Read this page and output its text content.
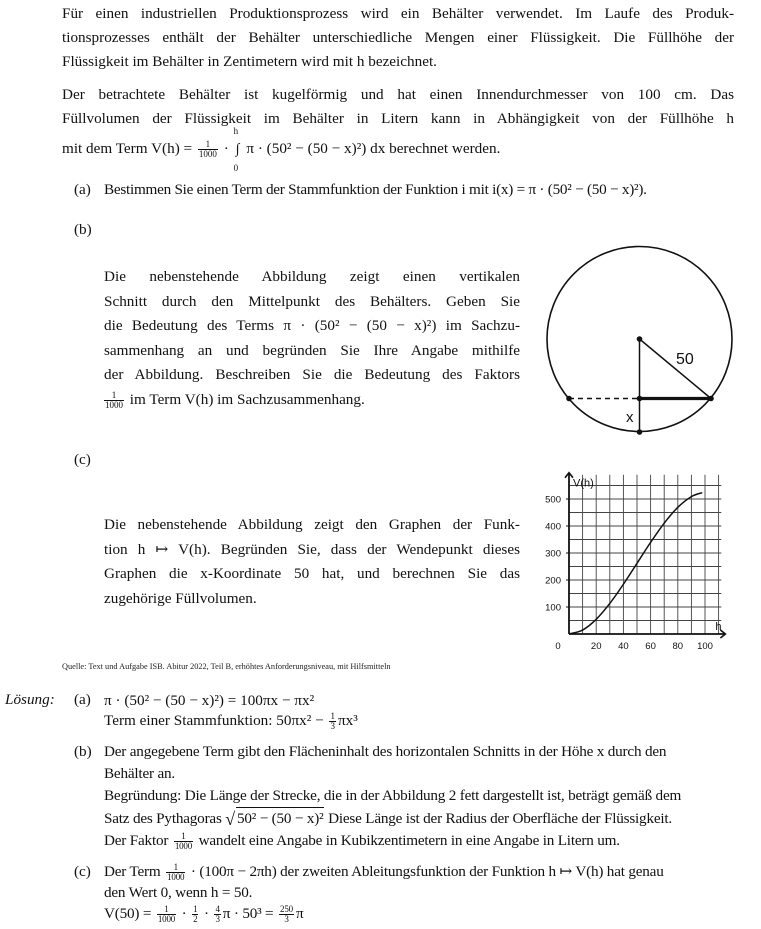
Für einen industriellen Produktionsprozess wird ein Behälter verwendet. Im Laufe des Produk-
tionsprozesses enthält der Behälter unterschiedliche Mengen einer Flüssigkeit. Die Füllhöhe der
Flüssigkeit im Behälter in Zentimetern wird mit h bezeichnet.
Der betrachtete Behälter ist kugelförmig und hat einen Innendurchmesser von 100 cm. Das
Füllvolumen der Flüssigkeit im Behälter in Litern kann in Abhängigkeit von der Füllhöhe h
mit dem Term $V(h) = \frac{1}{1000}$ ·
h
∫
0
π · (50² − (50 − x)²) dx berechnet werden.
(a) Bestimmen Sie einen Term der Stammfunktion der Funktion i mit i(x) = π · (50² − (50 − x)²).
(b)
Die nebenstehende Abbildung zeigt einen vertikalen
Schnitt durch den Mittelpunkt des Behälters. Geben Sie
die Bedeutung des Terms π · (50² − (50 − x)²) im Sachzu-
sammenhang an und begründen Sie Ihre Angabe mithilfe
der Abbildung. Beschreiben Sie die Bedeutung des Faktors
$\frac{1}{1000}$ im Term V(h) im Sachzusammenhang.
50
x
(c)
Die nebenstehende Abbildung zeigt den Graphen der Funk-
tion h ↦ V(h). Begründen Sie, dass der Wendepunkt dieses
Graphen die x-Koordinate 50 hat, und berechnen Sie das
zugehörige Füllvolumen.
0	20 40 60 80 100
100
200
300
400
500
V(h)
h
Quelle: Text und Aufgabe ISB. Abitur 2022, Teil B, erhöhtes Anforderungsniveau, mit Hilfsmitteln
Lösung: (a) π · (50² − (50 − x)²) = 100πx − πx²
Term einer Stammfunktion: $50\pi x^2 - \frac{1}{3} \pi x^3$
(b) Der angegebene Term gibt den Flächeninhalt des horizontalen Schnitts in der Höhe x durch den
Behälter an.
Begründung: Die Länge der Strecke, die in der Abbildung 2 fett dargestellt ist, beträgt gemäß dem
Satz des Pythagoras √ 50² − (50 − x)² Diese Länge ist der Radius der Oberfläche der Flüssigkeit.
Der Faktor $\frac{1}{1000}$ wandelt eine Angabe in Kubikzentimetern in eine Angabe in Litern um.
(c) Der Term $\frac{1}{1000} \cdot (100\pi - 2\pi h)$ der zweiten Ableitungsfunktion der Funktion h ↦ V(h) hat genau
den Wert 0, wenn h = 50.
$V(50) = \frac{1}{1000} \cdot \frac{1}{2} \cdot \frac{4}{3}$ $\pi \cdot 50^3 = \frac{250}{3}$ π
